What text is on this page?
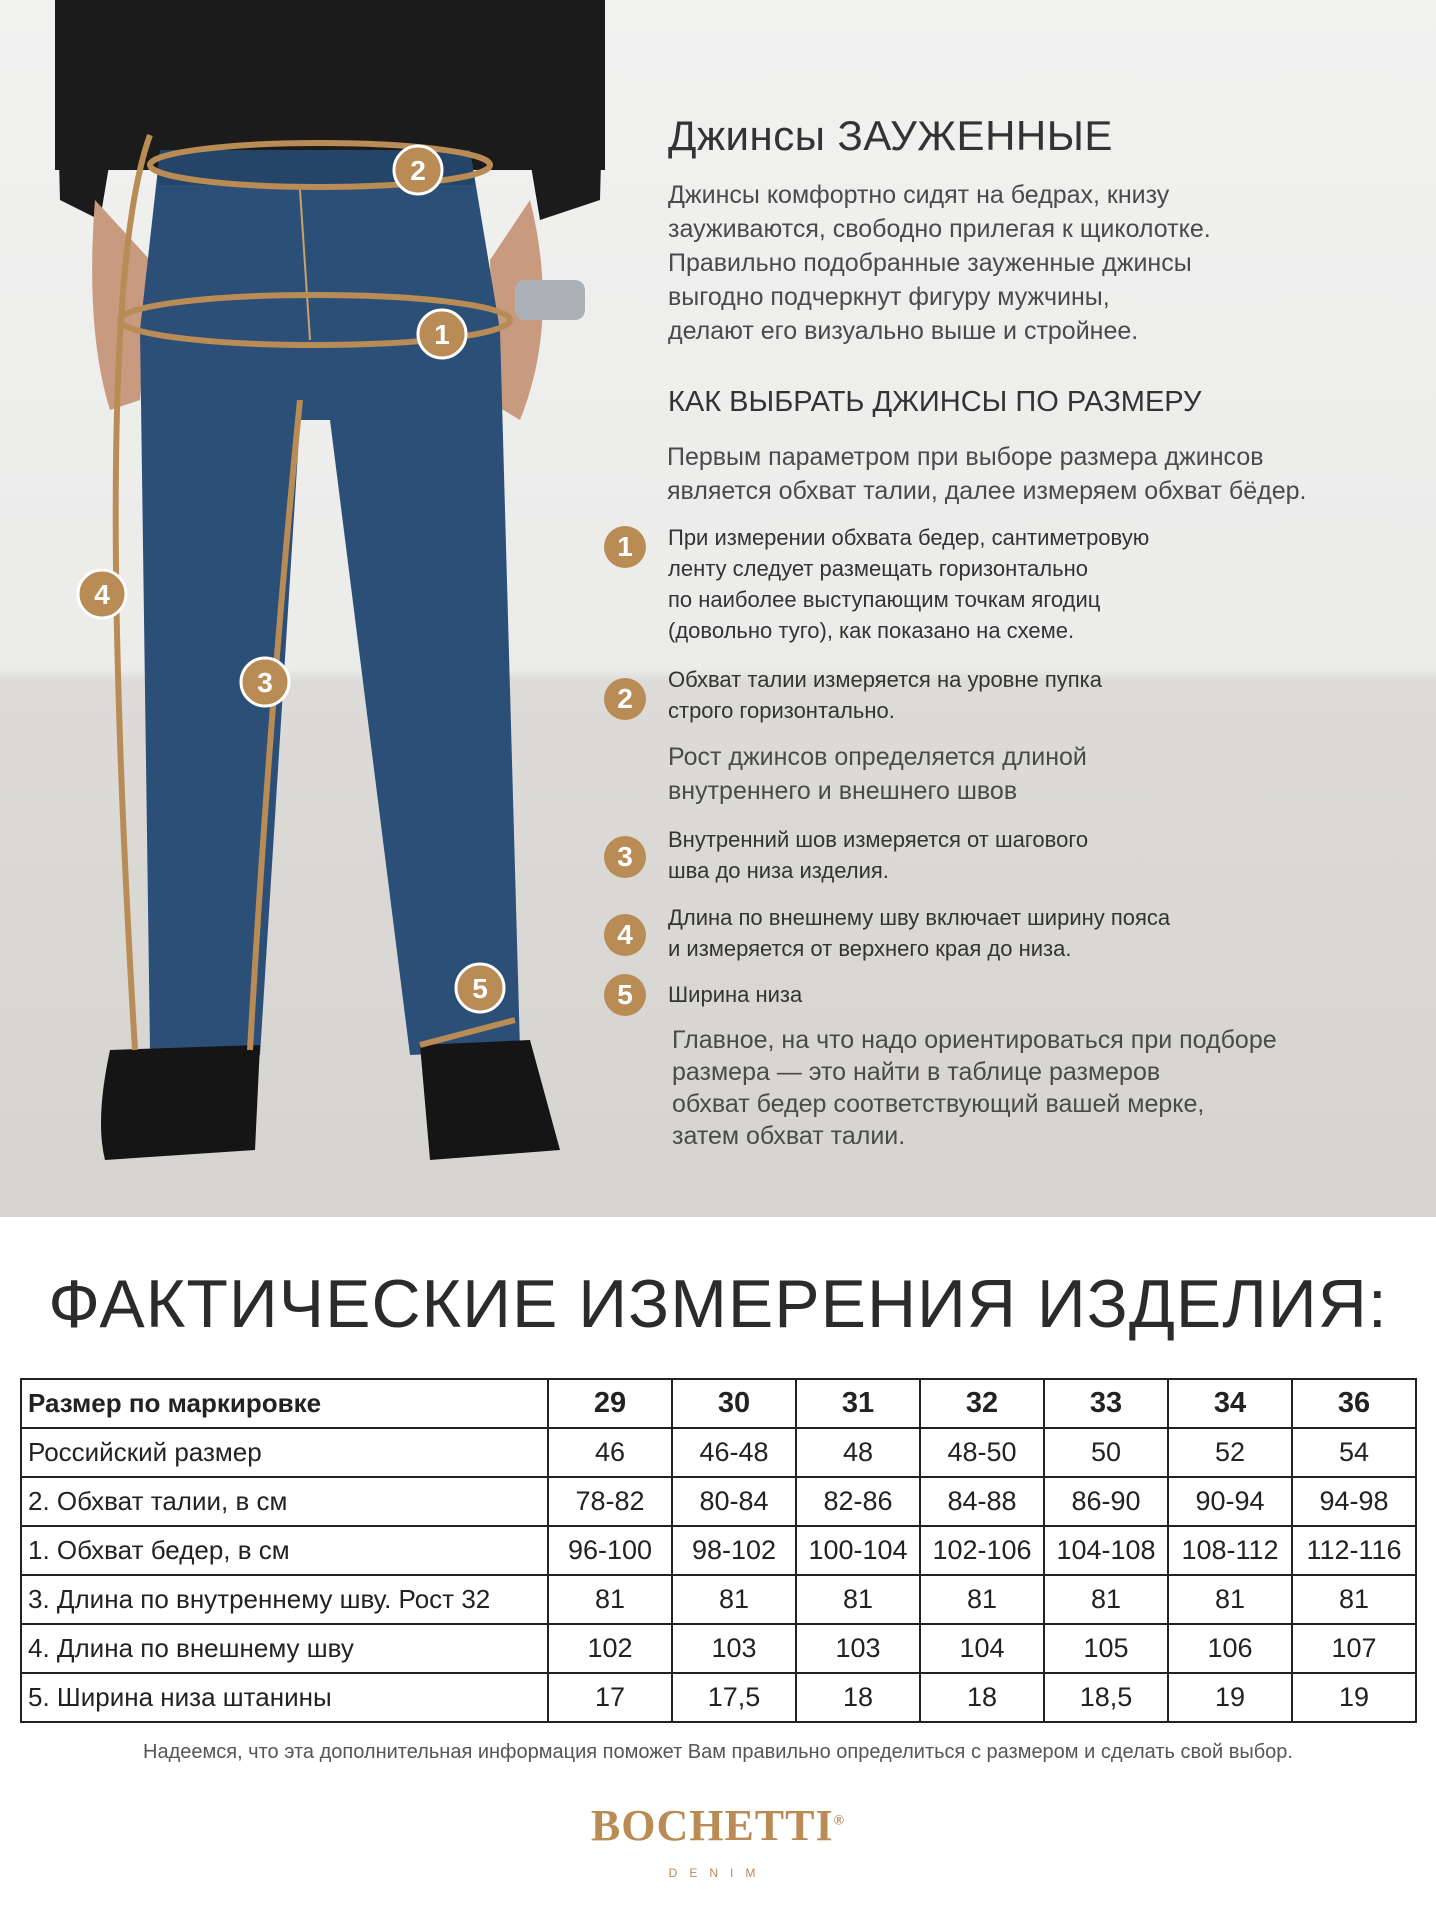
1
2
3
4
5
Джинсы ЗАУЖЕННЫЕ
Джинсы комфортно сидят на бедрах, книзу
зауживаются, свободно прилегая к щиколотке.
Правильно подобранные зауженные джинсы
выгодно подчеркнут фигуру мужчины,
делают его визуально выше и стройнее.
КАК ВЫБРАТЬ ДЖИНСЫ ПО РАЗМЕРУ
Первым параметром при выборе размера джинсов
является обхват талии, далее измеряем обхват бёдер.
1	При измерении обхвата бедер, сантиметровую
ленту следует размещать горизонтально
по наиболее выступающим точкам ягодиц
(довольно туго), как показано на схеме.
2
Обхват талии измеряется на уровне пупка
строго горизонтально.
Рост джинсов определяется длиной
внутреннего и внешнего швов
3
Внутренний шов измеряется от шагового
шва до низа изделия.
4
Длина по внешнему шву включает ширину пояса
и измеряется от верхнего края до низа.
5	Ширина низа
Главное, на что надо ориентироваться при подборе
размера — это найти в таблице размеров
обхват бедер соответствующий вашей мерке,
затем обхват талии.
ФАКТИЧЕСКИЕ ИЗМЕРЕНИЯ ИЗДЕЛИЯ:
Размер по маркировке	29	30	31	32	33	34	36
Российский размер	46	46-48	48	48-50	50	52	54
2. Обхват талии, в см	78-82	80-84	82-86	84-88	86-90	90-94	94-98
1. Обхват бедер, в см	96-100	98-102	100-104	102-106	104-108	108-112	112-116
3. Длина по внутреннему шву. Рост 32	81	81	81	81	81	81	81
4. Длина по внешнему шву	102	103	103	104	105	106	107
5. Ширина низа штанины	17	17,5	18	18	18,5	19	19
Надеемся, что эта дополнительная информация поможет Вам правильно определиться с размером и сделать свой выбор.
BOCHETTI®
DENIM
